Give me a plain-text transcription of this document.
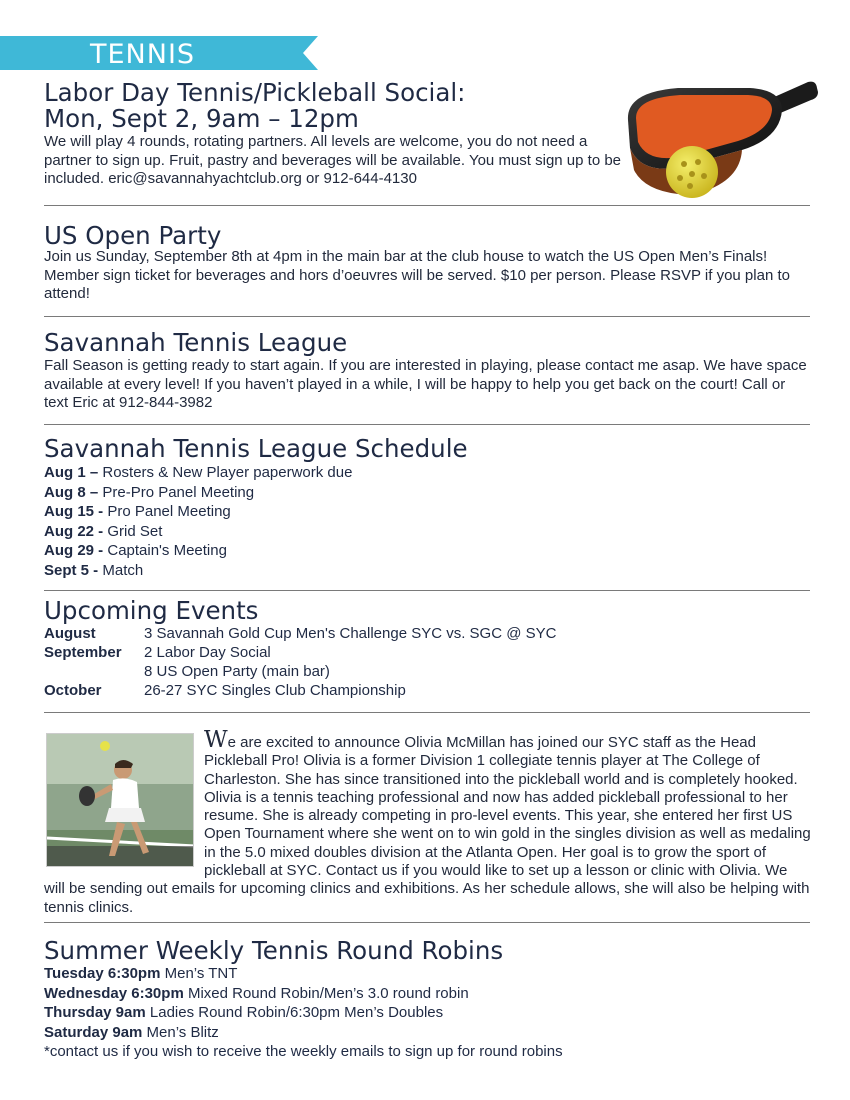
TENNIS
Labor Day Tennis/Pickleball Social:
Mon, Sept 2, 9am – 12pm
We will play 4 rounds, rotating partners. All levels are welcome, you do not need a partner to sign up. Fruit, pastry and beverages will be available. You must sign up to be included. eric@savannahyachtclub.org or 912-644-4130
US Open Party
Join us Sunday, September 8th at 4pm in the main bar at the club house to watch the US Open Men’s Finals! Member sign ticket for beverages and hors d’oeuvres will be served. $10 per person. Please RSVP if you plan to attend!
Savannah Tennis League
Fall Season is getting ready to start again. If you are interested in playing, please contact me asap. We have space available at every level! If you haven’t played in a while, I will be happy to help you get back on the court! Call or text Eric at 912-844-3982
Savannah Tennis League Schedule
Aug 1 – Rosters & New Player paperwork due
Aug 8 – Pre-Pro Panel Meeting
Aug 15 - Pro Panel Meeting
Aug 22 - Grid Set
Aug 29 - Captain's Meeting
Sept 5 - Match
Upcoming Events
August	3 Savannah Gold Cup Men's Challenge SYC vs. SGC @ SYC
September	2 Labor Day Social
8 US Open Party (main bar)
October	26-27 SYC Singles Club Championship
We are excited to announce Olivia McMillan has joined our SYC staff as the Head Pickleball Pro! Olivia is a former Division 1 collegiate tennis player at The College of Charleston. She has since transitioned into the pickleball world and is completely hooked. Olivia is a tennis teaching professional and now has added pickleball professional to her resume. She is already competing in pro-level events. This year, she entered her first US Open Tournament where she went on to win gold in the singles division as well as medaling in the 5.0 mixed doubles division at the Atlanta Open. Her goal is to grow the sport of pickleball at SYC. Contact us if you would like to set up a lesson or clinic with Olivia. We will be sending out emails for upcoming clinics and exhibitions. As her schedule allows, she will also be helping with tennis clinics.
Summer Weekly Tennis Round Robins
Tuesday 6:30pm Men’s TNT
Wednesday 6:30pm Mixed Round Robin/Men’s 3.0 round robin
Thursday 9am Ladies Round Robin/6:30pm Men’s Doubles
Saturday 9am Men’s Blitz
*contact us if you wish to receive the weekly emails to sign up for round robins
